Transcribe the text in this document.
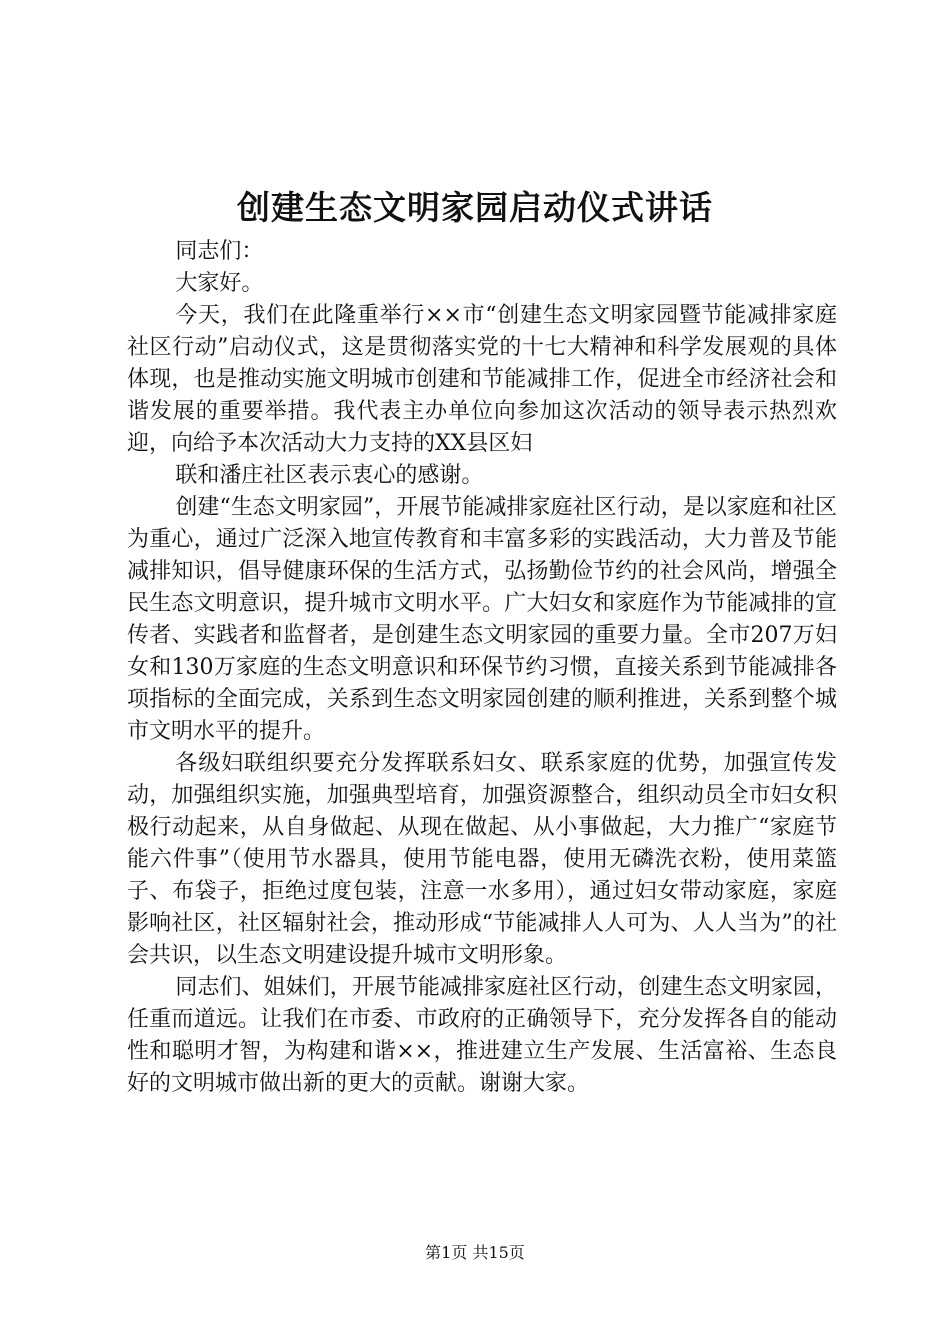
创建生态文明家园启动仪式讲话

同志们：

大家好。

今天，我们在此隆重举行××市“创建生态文明家园暨节能减排家庭社区行动”启动仪式，这是贯彻落实党的十七大精神和科学发展观的具体体现，也是推动实施文明城市创建和节能减排工作，促进全市经济社会和谐发展的重要举措。我代表主办单位向参加这次活动的领导表示热烈欢迎，向给予本次活动大力支持的XX县区妇

联和潘庄社区表示衷心的感谢。

创建“生态文明家园”，开展节能减排家庭社区行动，是以家庭和社区为重心，通过广泛深入地宣传教育和丰富多彩的实践活动，大力普及节能减排知识，倡导健康环保的生活方式，弘扬勤俭节约的社会风尚，增强全民生态文明意识，提升城市文明水平。广大妇女和家庭作为节能减排的宣传者、实践者和监督者，是创建生态文明家园的重要力量。全市207万妇女和130万家庭的生态文明意识和环保节约习惯，直接关系到节能减排各项指标的全面完成，关系到生态文明家园创建的顺利推进，关系到整个城市文明水平的提升。

各级妇联组织要充分发挥联系妇女、联系家庭的优势，加强宣传发动，加强组织实施，加强典型培育，加强资源整合，组织动员全市妇女积极行动起来，从自身做起、从现在做起、从小事做起，大力推广“家庭节能六件事”（使用节水器具，使用节能电器，使用无磷洗衣粉，使用菜篮子、布袋子，拒绝过度包装，注意一水多用），通过妇女带动家庭，家庭影响社区，社区辐射社会，推动形成“节能减排人人可为、人人当为”的社会共识，以生态文明建设提升城市文明形象。

同志们、姐妹们，开展节能减排家庭社区行动，创建生态文明家园，任重而道远。让我们在市委、市政府的正确领导下，充分发挥各自的能动性和聪明才智，为构建和谐××，推进建立生产发展、生活富裕、生态良好的文明城市做出新的更大的贡献。谢谢大家。

第1页 共15页
